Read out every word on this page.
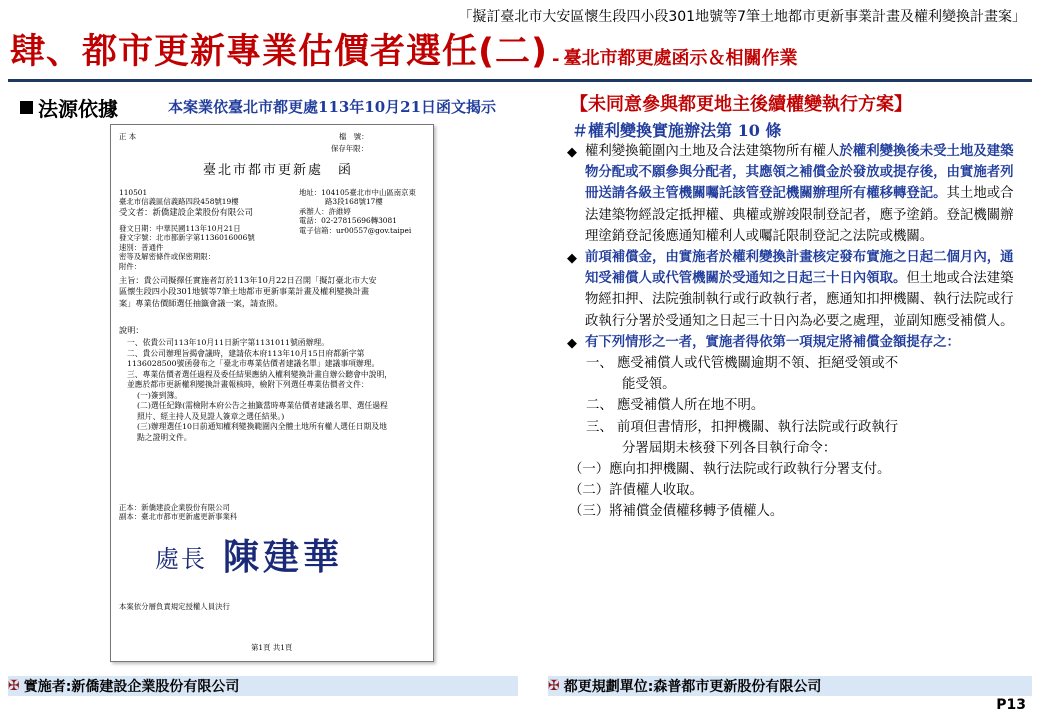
「擬訂臺北市大安區懷生段四小段301地號等7筆土地都市更新事業計畫及權利變換計畫案」
肆、都市更新專業估價者選任(二) - 臺北市都更處函示＆相關作業
法源依據	本案業依臺北市都更處113年10月21日函文揭示
正 本	檔　號：
保存年限：
臺北市都市更新處　函
110501
臺北市信義區信義路四段458號19樓
受文者：新僑建設企業股份有限公司
地址：104105臺北市中山區南京東
路3段168號17樓
承辦人：許維婷
電話：02-27815696轉3081
電子信箱：ur00557@gov.taipei
發文日期：中華民國113年10月21日
發文字號：北市都新字第1136016006號
速別：普通件
密等及解密條件或保密期限：
附件：
主旨：貴公司擬擇任實施者訂於113年10月22日召開「擬訂臺北市大安區懷生段四小段301地號等7筆土地都市更新事業計畫及權利變換計畫案」專業估價師選任抽籤會議一案，請查照。
說明：
一、依貴公司113年10月11日新字第1131011號函辦理。
二、貴公司辦理旨揭會議時，建請依本府113年10月15日府都新字第1136028500號函發布之「臺北市專業估價者建議名單」建議事項辦理。
三、專業估價者選任過程及委任結果應納入權利變換計畫自辦公聽會中說明，並應於都市更新權利變換計畫報核時，檢附下列選任專業估價者文件：
(一)簽到簿。
(二)選任紀錄(需檢附本府公告之抽籤當時專業估價者建議名單、選任過程照片、經主持人及見證人簽章之選任結果。)
(三)辦理選任10日前通知權利變換範圍內全體土地所有權人選任日期及地點之證明文件。
正本：新僑建設企業股份有限公司
副本：臺北市都市更新處更新事業科
處長 陳建華
本案依分層負責規定授權人員決行
第1頁 共1頁
【未同意參與都更地主後續權變執行方案】
＃權利變換實施辦法第 10 條
◆ 權利變換範圍內土地及合法建築物所有權人於權利變換後未受土地及建築物分配或不願參與分配者，其應領之補償金於發放或提存後，由實施者列冊送請各級主管機關囑託該管登記機關辦理所有權移轉登記。其土地或合法建築物經設定抵押權、典權或辦竣限制登記者，應予塗銷。登記機關辦理塗銷登記後應通知權利人或囑託限制登記之法院或機關。
◆ 前項補償金，由實施者於權利變換計畫核定發布實施之日起二個月內，通知受補償人或代管機關於受通知之日起三十日內領取。但土地或合法建築物經扣押、法院強制執行或行政執行者，應通知扣押機關、執行法院或行政執行分署於受通知之日起三十日內為必要之處理，並副知應受補償人。
◆ 有下列情形之一者，實施者得依第一項規定將補償金額提存之：
一、 應受補償人或代管機關逾期不領、拒絕受領或不
能受領。
二、 應受補償人所在地不明。
三、 前項但書情形，扣押機關、執行法院或行政執行
分署屆期未核發下列各目執行命令：
（一）應向扣押機關、執行法院或行政執行分署支付。
（二）許債權人收取。
（三）將補償金債權移轉予債權人。
✠ 實施者:新僑建設企業股份有限公司	✠ 都更規劃單位:森普都市更新股份有限公司
P13
